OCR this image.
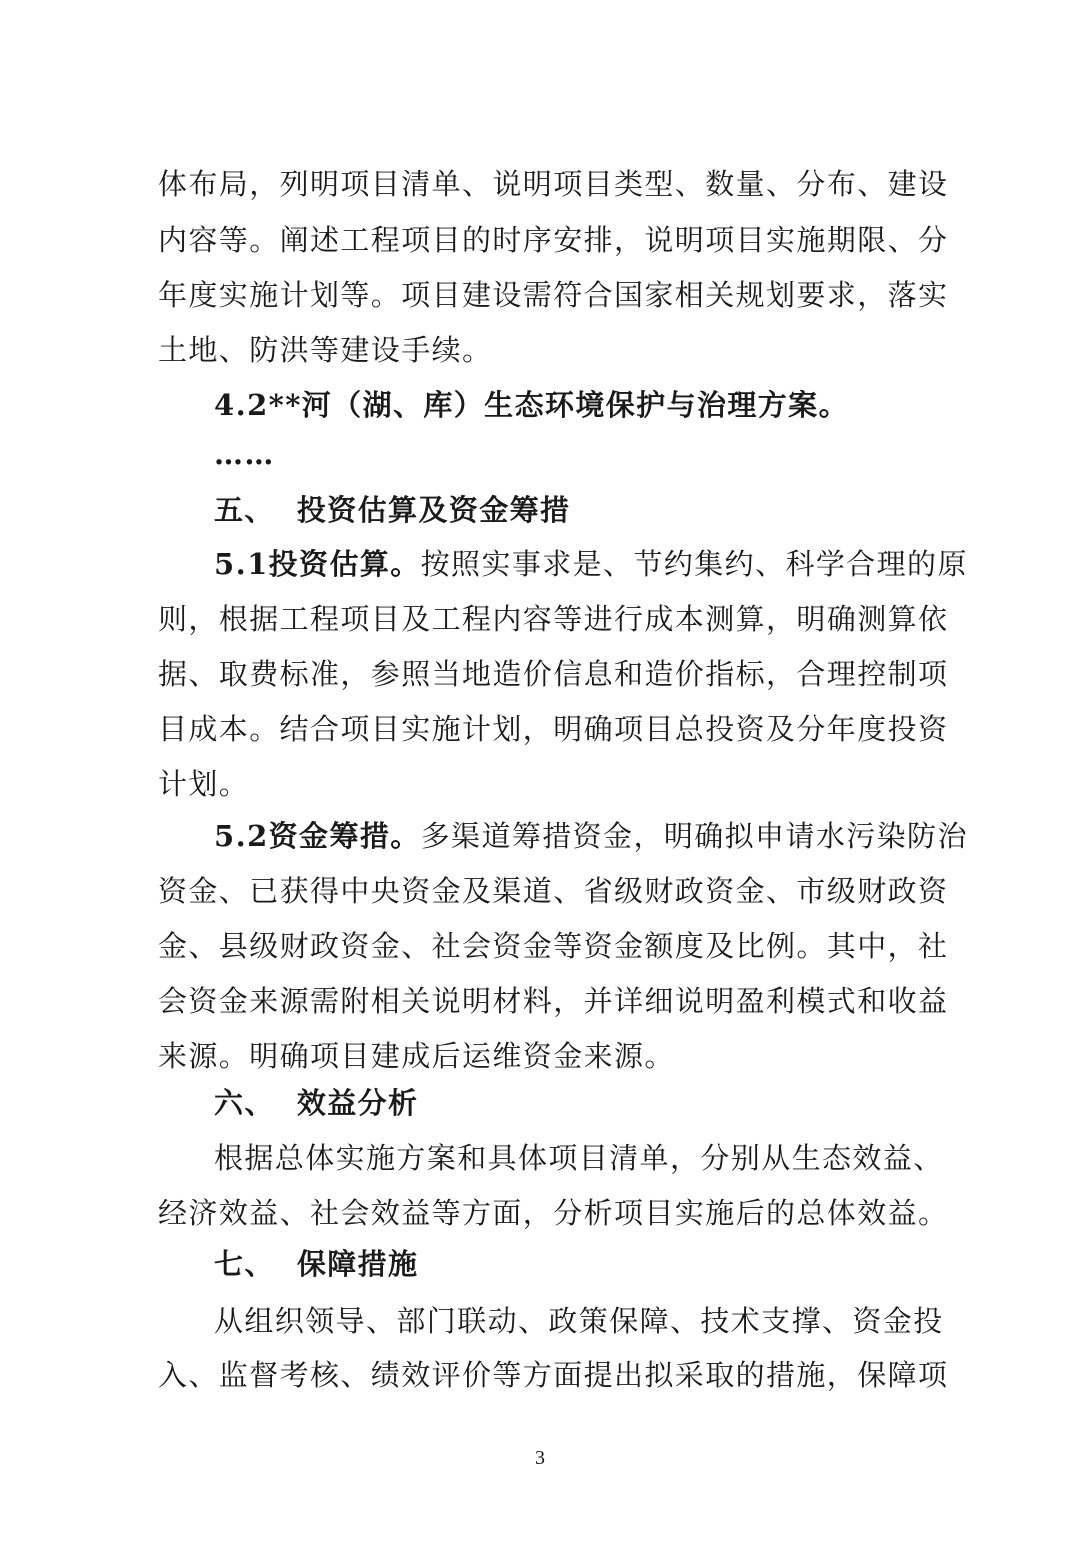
体布局，列明项目清单、说明项目类型、数量、分布、建设
内容等。阐述工程项目的时序安排，说明项目实施期限、分
年度实施计划等。项目建设需符合国家相关规划要求，落实
土地、防洪等建设手续。
4.2**河（湖、库）生态环境保护与治理方案。
……
五、 投资估算及资金筹措
5.1投资估算。按照实事求是、节约集约、科学合理的原
则，根据工程项目及工程内容等进行成本测算，明确测算依
据、取费标准，参照当地造价信息和造价指标，合理控制项
目成本。结合项目实施计划，明确项目总投资及分年度投资
计划。
5.2资金筹措。多渠道筹措资金，明确拟申请水污染防治
资金、已获得中央资金及渠道、省级财政资金、市级财政资
金、县级财政资金、社会资金等资金额度及比例。其中，社
会资金来源需附相关说明材料，并详细说明盈利模式和收益
来源。明确项目建成后运维资金来源。
六、 效益分析
根据总体实施方案和具体项目清单，分别从生态效益、
经济效益、社会效益等方面，分析项目实施后的总体效益。
七、 保障措施
从组织领导、部门联动、政策保障、技术支撑、资金投
入、监督考核、绩效评价等方面提出拟采取的措施，保障项
3
